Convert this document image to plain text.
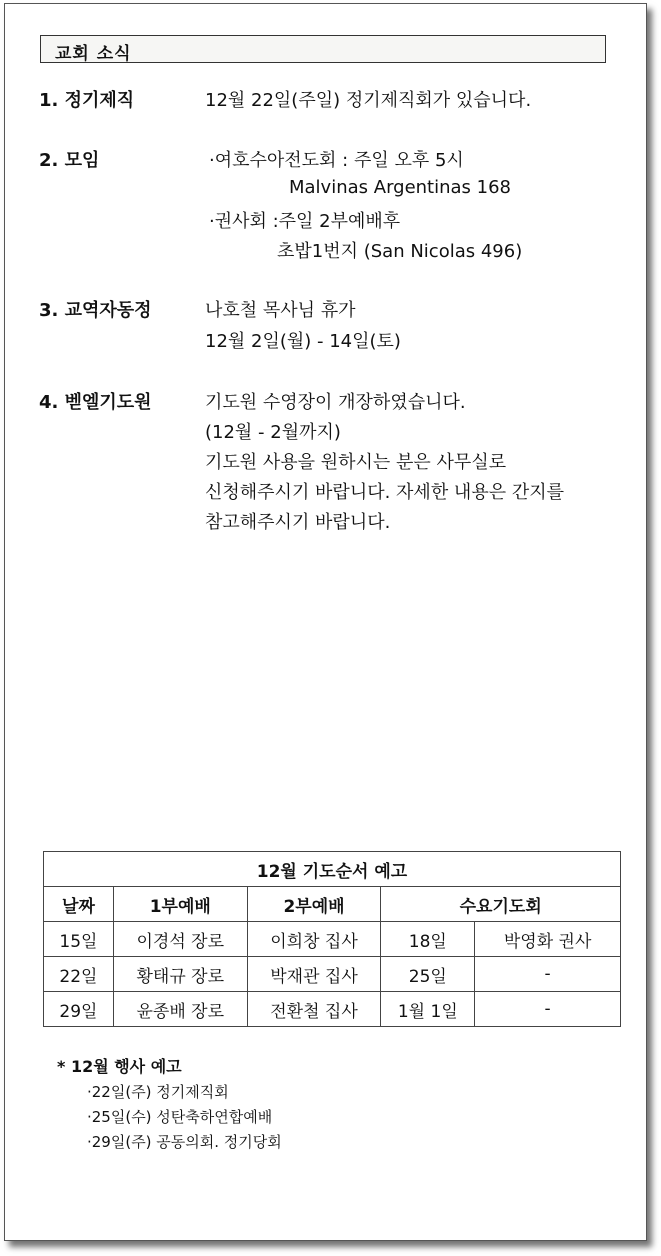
교회 소식
1. 정기제직	12월 22일(주일) 정기제직회가 있습니다.
2. 모임	·여호수아전도회 : 주일 오후 5시
Malvinas Argentinas 168
·권사회 :주일 2부예배후
초밥1번지 (San Nicolas 496)
3. 교역자동정	나호철 목사님 휴가
12월 2일(월) - 14일(토)
4. 벧엘기도원	기도원 수영장이 개장하였습니다.
(12월 - 2월까지)
기도원 사용을 원하시는 분은 사무실로
신청해주시기 바랍니다. 자세한 내용은 간지를
참고해주시기 바랍니다.
12월 기도순서 예고				
날짜	1부예배	2부예배	수요기도회	
15일	이경석 장로	이희창 집사	18일	박영화 권사
22일	황태규 장로	박재관 집사	25일	-
29일	윤종배 장로	전환철 집사	1월 1일	-
* 12월 행사 예고
·22일(주) 정기제직회
·25일(수) 성탄축하연합예배
·29일(주) 공동의회. 정기당회
